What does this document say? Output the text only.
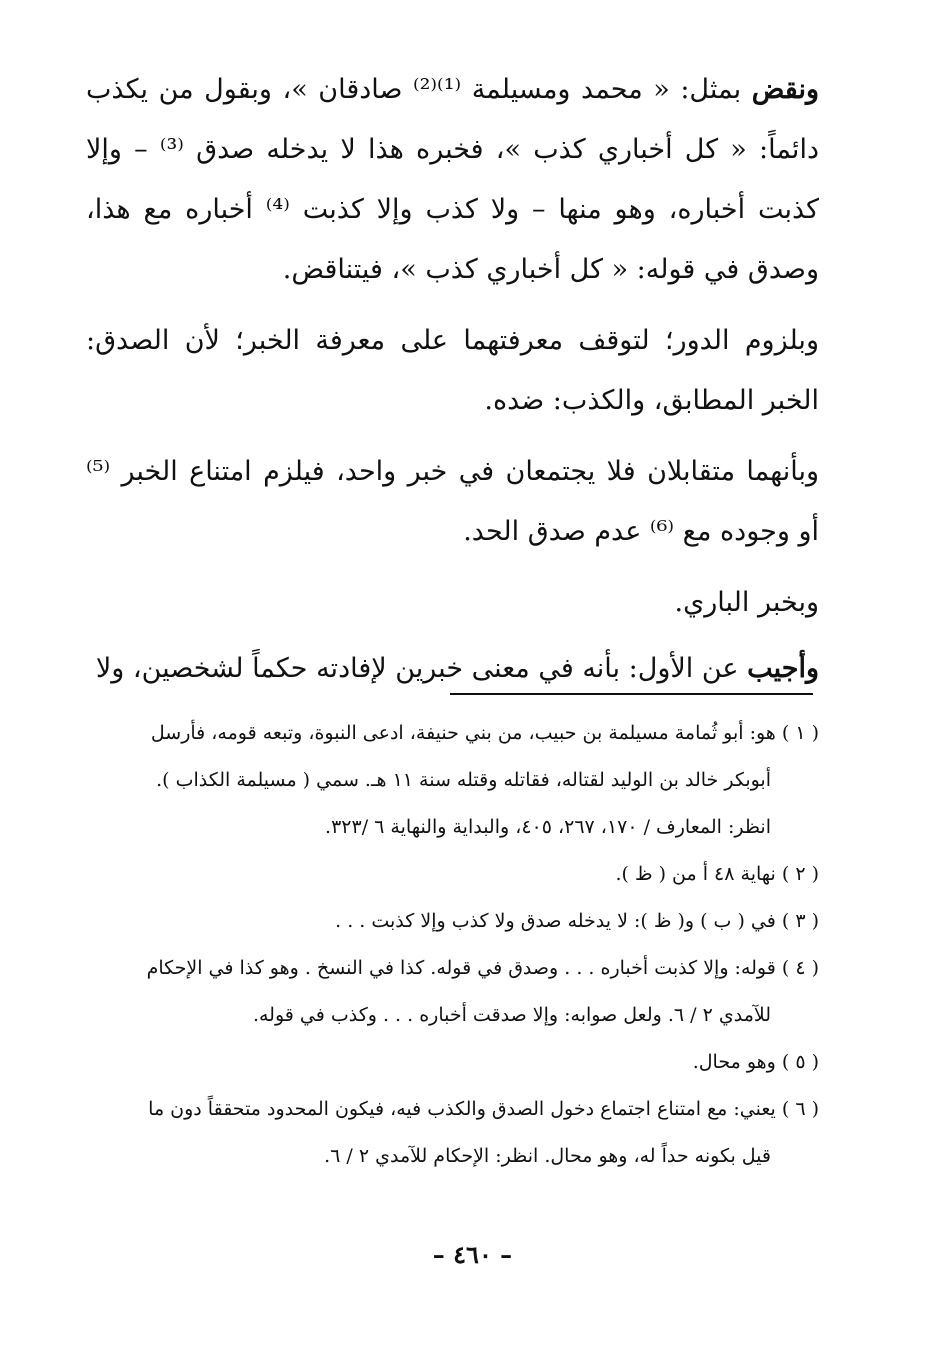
ونقض بمثل: « محمد ومسيلمة ⁽¹⁾⁽²⁾ صادقان »، وبقول من يكذب دائماً: « كل أخباري كذب »، فخبره هذا لا يدخله صدق ⁽³⁾ – وإلا كذبت أخباره، وهو منها – ولا كذب وإلا كذبت ⁽⁴⁾ أخباره مع هذا، وصدق في قوله: « كل أخباري كذب »، فيتناقض.

وبلزوم الدور؛ لتوقف معرفتهما على معرفة الخبر؛ لأن الصدق: الخبر المطابق، والكذب: ضده.

وبأنهما متقابلان فلا يجتمعان في خبر واحد، فيلزم امتناع الخبر ⁽⁵⁾ أو وجوده مع ⁽⁶⁾ عدم صدق الحد.

وبخبر الباري.

وأجيب عن الأول: بأنه في معنى خبرين لإفادته حكماً لشخصين، ولا

( ١ ) هو: أبو ثُمامة مسيلمة بن حبيب، من بني حنيفة، ادعى النبوة، وتبعه قومه، فأرسل
أبوبكر خالد بن الوليد لقتاله، فقاتله وقتله سنة ١١ هـ. سمي ( مسيلمة الكذاب ).
انظر: المعارف / ١٧٠، ٢٦٧، ٤٠٥، والبداية والنهاية ٦ /٣٢٣.

( ٢ ) نهاية ٤٨ أ من ( ظ ).

( ٣ ) في ( ب ) و( ظ ): لا يدخله صدق ولا كذب وإلا كذبت . . .

( ٤ ) قوله: وإلا كذبت أخباره . . . وصدق في قوله. كذا في النسخ . وهو كذا في الإحكام
للآمدي ٢ / ٦. ولعل صوابه: وإلا صدقت أخباره . . . وكذب في قوله.

( ٥ ) وهو محال.

( ٦ ) يعني: مع امتناع اجتماع دخول الصدق والكذب فيه، فيكون المحدود متحققاً دون ما
قيل بكونه حداً له، وهو محال. انظر: الإحكام للآمدي ٢ / ٦.

– ٤٦٠ –
